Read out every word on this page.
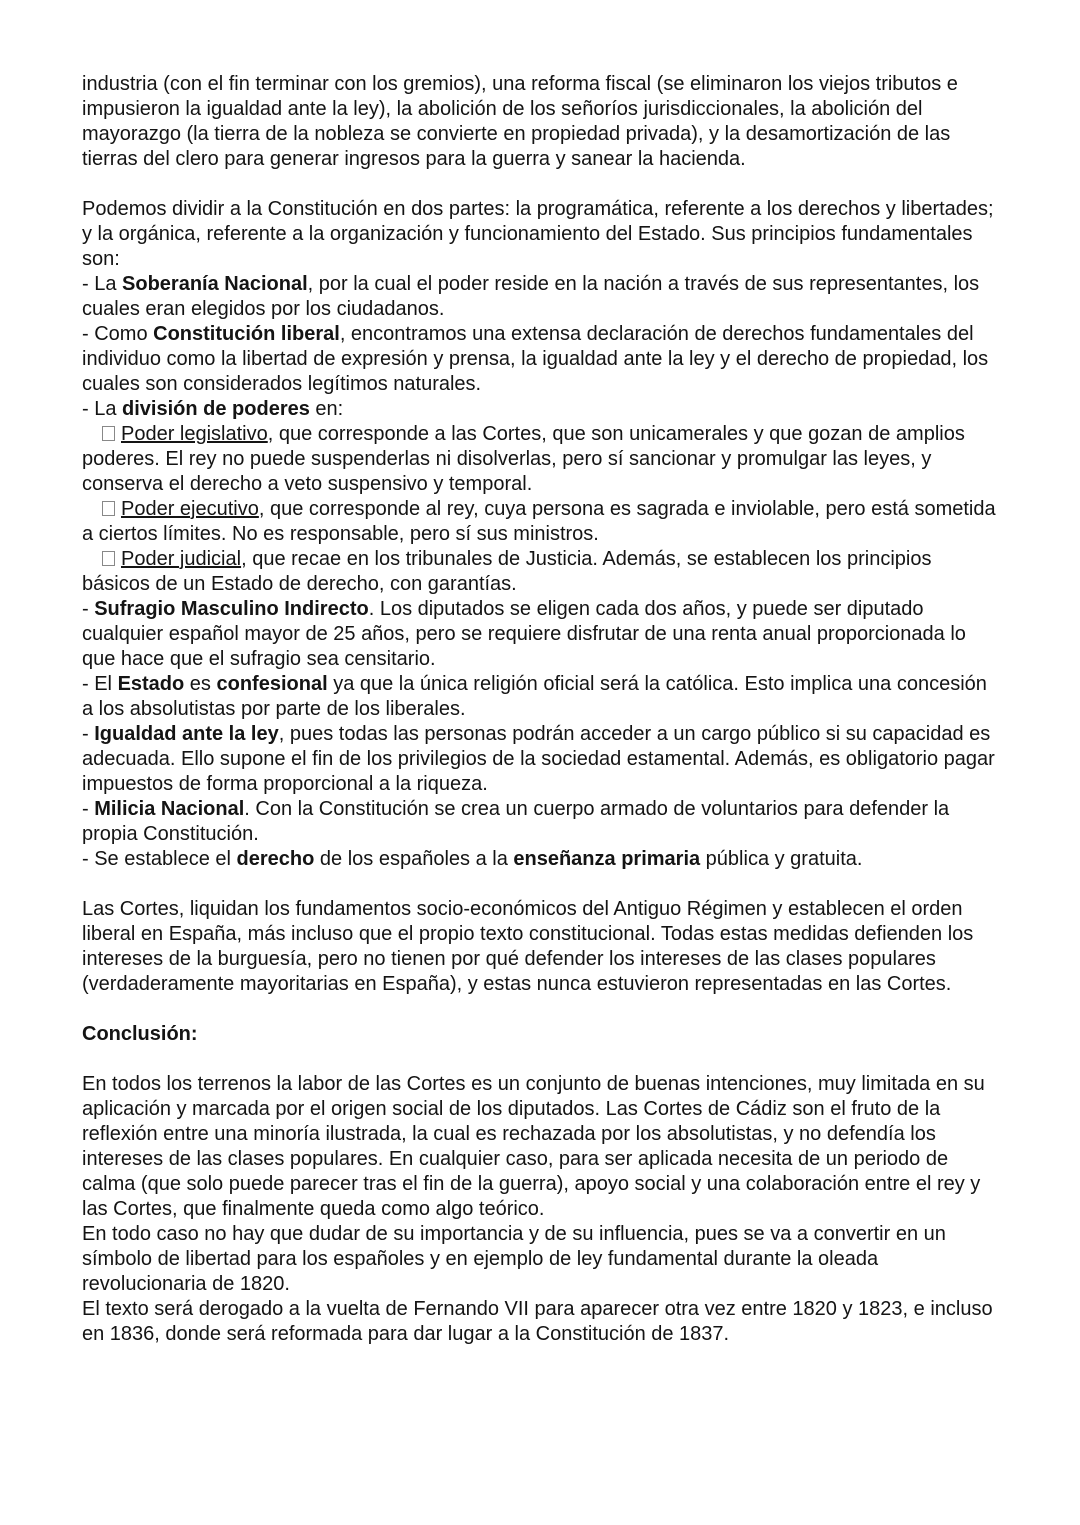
industria (con el fin terminar con los gremios), una reforma fiscal (se eliminaron los viejos tributos e impusieron la igualdad ante la ley), la abolición de los señoríos jurisdiccionales, la abolición del mayorazgo (la tierra de la nobleza se convierte en propiedad privada), y la desamortización de las tierras del clero para generar ingresos para la guerra y sanear la hacienda.

Podemos dividir a la Constitución en dos partes: la programática, referente a los derechos y libertades; y la orgánica, referente a la organización y funcionamiento del Estado. Sus principios fundamentales son:

- La Soberanía Nacional, por la cual el poder reside en la nación a través de sus representantes, los cuales eran elegidos por los ciudadanos.

- Como Constitución liberal, encontramos una extensa declaración de derechos fundamentales del individuo como la libertad de expresión y prensa, la igualdad ante la ley y el derecho de propiedad, los cuales son considerados legítimos naturales.

- La división de poderes en:

Poder legislativo, que corresponde a las Cortes, que son unicamerales y que gozan de amplios poderes. El rey no puede suspenderlas ni disolverlas, pero sí sancionar y promulgar las leyes, y conserva el derecho a veto suspensivo y temporal.

Poder ejecutivo, que corresponde al rey, cuya persona es sagrada e inviolable, pero está sometida a ciertos límites. No es responsable, pero sí sus ministros.

Poder judicial, que recae en los tribunales de Justicia. Además, se establecen los principios básicos de un Estado de derecho, con garantías.

- Sufragio Masculino Indirecto. Los diputados se eligen cada dos años, y puede ser diputado cualquier español mayor de 25 años, pero se requiere disfrutar de una renta anual proporcionada lo que hace que el sufragio sea censitario.

- El Estado es confesional ya que la única religión oficial será la católica. Esto implica una concesión a los absolutistas por parte de los liberales.

- Igualdad ante la ley, pues todas las personas podrán acceder a un cargo público si su capacidad es adecuada. Ello supone el fin de los privilegios de la sociedad estamental. Además, es obligatorio pagar impuestos de forma proporcional a la riqueza.

- Milicia Nacional. Con la Constitución se crea un cuerpo armado de voluntarios para defender la propia Constitución.

- Se establece el derecho de los españoles a la enseñanza primaria pública y gratuita.

Las Cortes, liquidan los fundamentos socio-económicos del Antiguo Régimen y establecen el orden liberal en España, más incluso que el propio texto constitucional. Todas estas medidas defienden los intereses de la burguesía, pero no tienen por qué defender los intereses de las clases populares (verdaderamente mayoritarias en España), y estas nunca estuvieron representadas en las Cortes.

Conclusión:

En todos los terrenos la labor de las Cortes es un conjunto de buenas intenciones, muy limitada en su aplicación y marcada por el origen social de los diputados. Las Cortes de Cádiz son el fruto de la reflexión entre una minoría ilustrada, la cual es rechazada por los absolutistas, y no defendía los intereses de las clases populares. En cualquier caso, para ser aplicada necesita de un periodo de calma (que solo puede parecer tras el fin de la guerra), apoyo social y una colaboración entre el rey y las Cortes, que finalmente queda como algo teórico.

En todo caso no hay que dudar de su importancia y de su influencia, pues se va a convertir en un símbolo de libertad para los españoles y en ejemplo de ley fundamental durante la oleada revolucionaria de 1820.

El texto será derogado a la vuelta de Fernando VII para aparecer otra vez entre 1820 y 1823, e incluso en 1836, donde será reformada para dar lugar a la Constitución de 1837.
